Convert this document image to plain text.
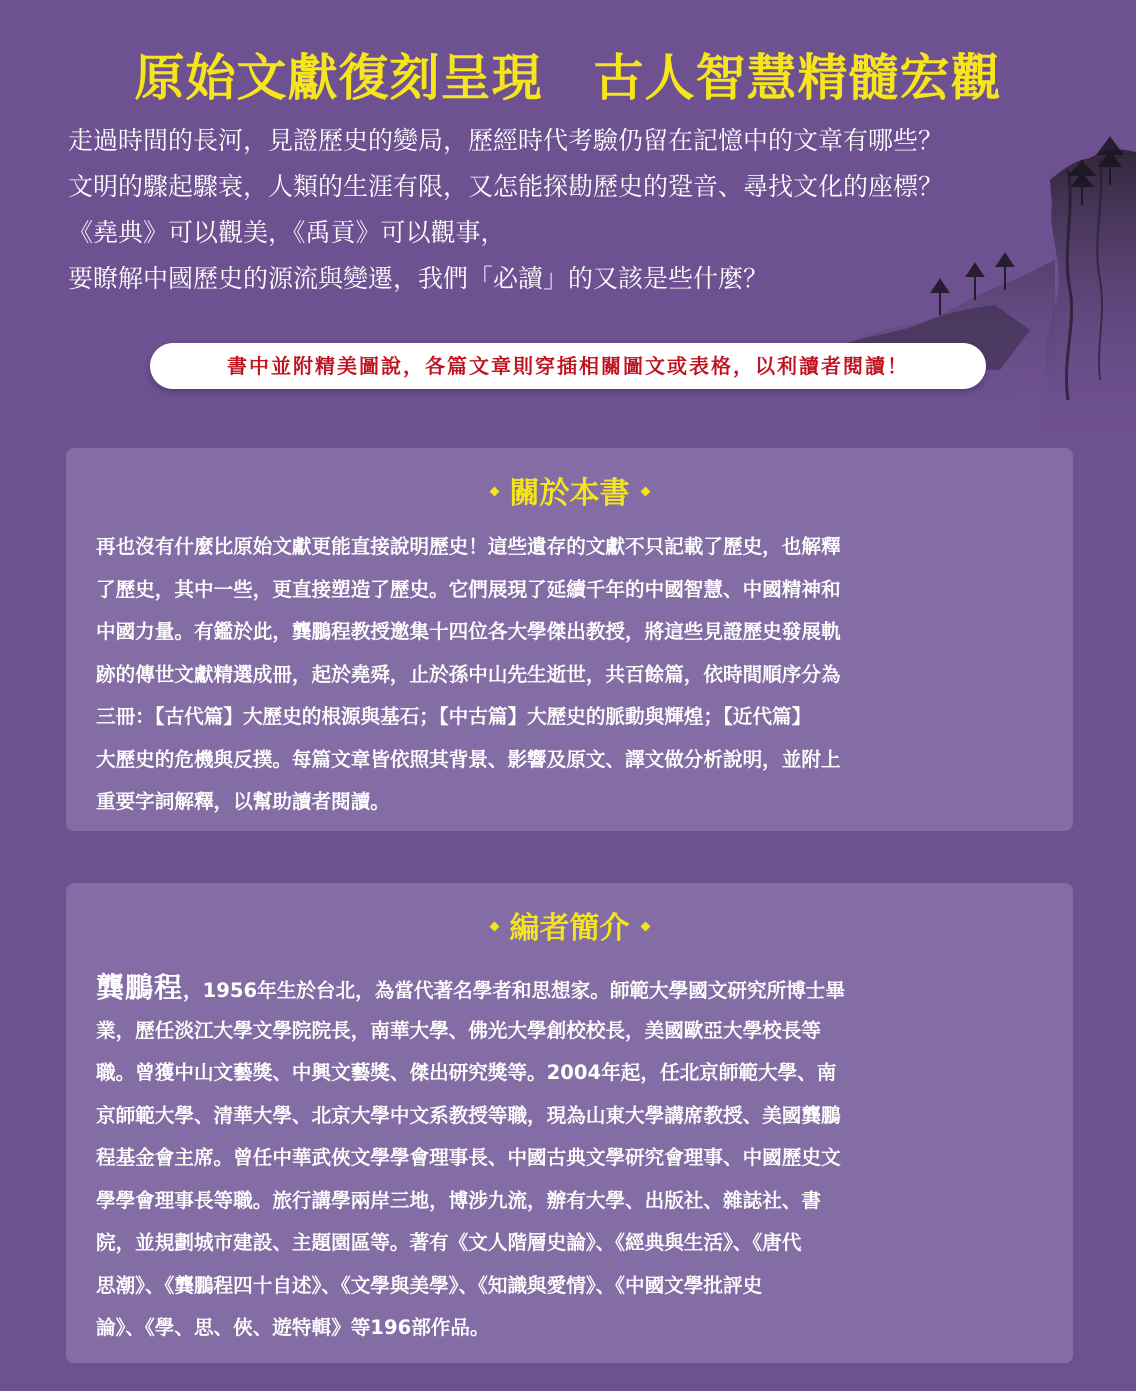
原始文獻復刻呈現　古人智慧精髓宏觀
走過時間的長河，見證歷史的變局，歷經時代考驗仍留在記憶中的文章有哪些？
文明的驟起驟衰，人類的生涯有限，又怎能探勘歷史的跫音、尋找文化的座標？
《堯典》可以觀美，《禹貢》可以觀事，
要瞭解中國歷史的源流與變遷，我們「必讀」的又該是些什麼？
書中並附精美圖說，各篇文章則穿插相關圖文或表格，以利讀者閱讀！
關於本書
再也沒有什麼比原始文獻更能直接說明歷史！這些遺存的文獻不只記載了歷史，也解釋
了歷史，其中一些，更直接塑造了歷史。它們展現了延續千年的中國智慧、中國精神和
中國力量。有鑑於此，龔鵬程教授邀集十四位各大學傑出教授，將這些見證歷史發展軌
跡的傳世文獻精選成冊，起於堯舜，止於孫中山先生逝世，共百餘篇，依時間順序分為
三冊：【古代篇】大歷史的根源與基石；【中古篇】大歷史的脈動與輝煌；【近代篇】
大歷史的危機與反撲。每篇文章皆依照其背景、影響及原文、譯文做分析說明，並附上
重要字詞解釋，以幫助讀者閱讀。
編者簡介
龔鵬程，1956年生於台北，為當代著名學者和思想家。師範大學國文研究所博士畢
業，歷任淡江大學文學院院長，南華大學、佛光大學創校校長，美國歐亞大學校長等
職。曾獲中山文藝獎、中興文藝獎、傑出研究獎等。2004年起，任北京師範大學、南
京師範大學、清華大學、北京大學中文系教授等職，現為山東大學講席教授、美國龔鵬
程基金會主席。曾任中華武俠文學學會理事長、中國古典文學研究會理事、中國歷史文
學學會理事長等職。旅行講學兩岸三地，博涉九流，辦有大學、出版社、雜誌社、書
院，並規劃城市建設、主題園區等。著有《文人階層史論》、《經典與生活》、《唐代
思潮》、《龔鵬程四十自述》、《文學與美學》、《知識與愛情》、《中國文學批評史
論》、《學、思、俠、遊特輯》等196部作品。
